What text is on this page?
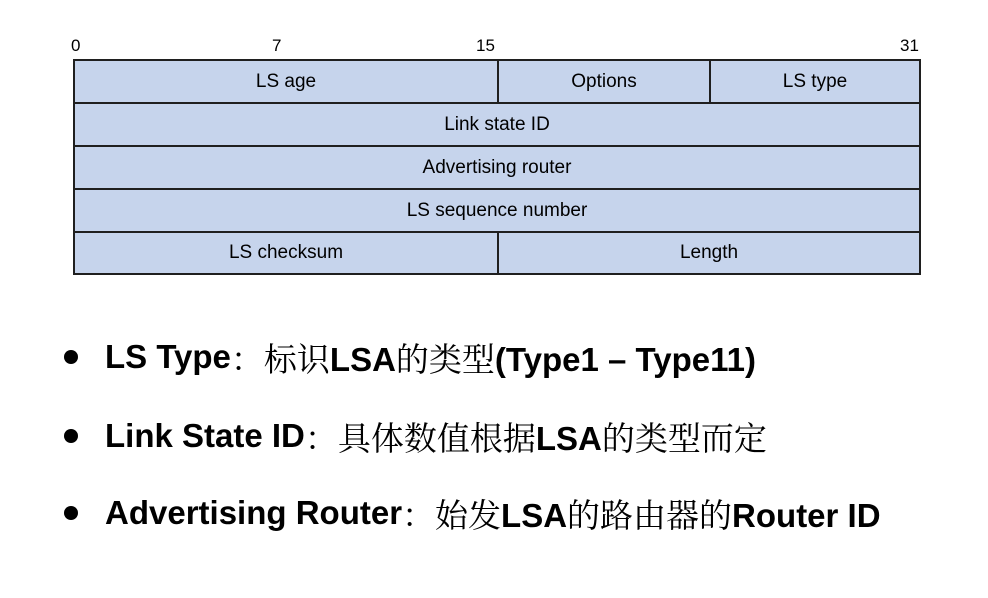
0	7	15	31
LS age	Options	LS type
Link state ID
Advertising router
LS sequence number
LS checksum	Length
LS Type ： 标识LSA的类型(Type1 – Type11)
Link State ID ： 具体数值根据LSA的类型而定
Advertising Router ： 始发LSA的路由器的Router ID
